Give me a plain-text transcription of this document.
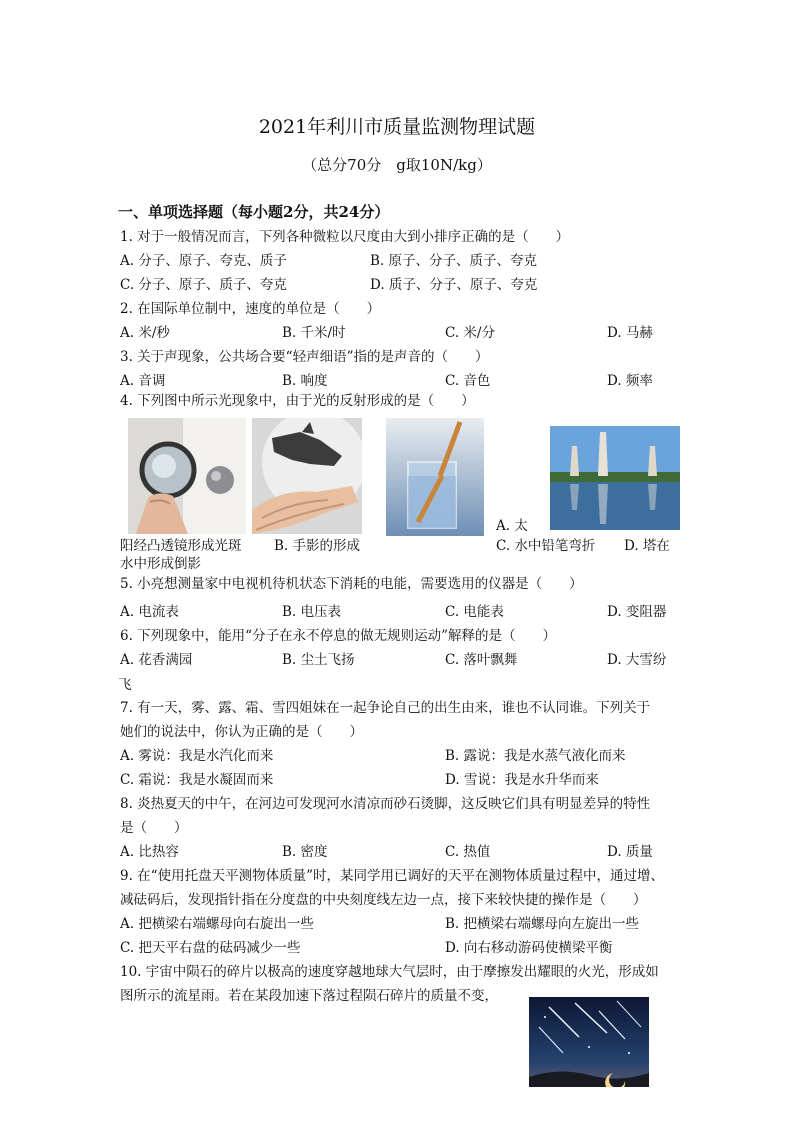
2021年利川市质量监测物理试题
（总分70分　g取10N/kg）
一、单项选择题（每小题2分，共24分）
1. 对于一般情况而言，下列各种微粒以尺度由大到小排序正确的是（　　）
A. 分子、原子、夸克、质子	B. 原子、分子、质子、夸克
C. 分子、原子、质子、夸克	D. 质子、分子、原子、夸克
2. 在国际单位制中，速度的单位是（　　）
A. 米/秒	B. 千米/时	C. 米/分	D. 马赫
3. 关于声现象，公共场合要“轻声细语”指的是声音的（　　）
A. 音调	B. 响度	C. 音色	D. 频率
4. 下列图中所示光现象中，由于光的反射形成的是（　　）
A. 太
阳经凸透镜形成光斑 B. 手影的形成	C. 水中铅笔弯折 D. 塔在
水中形成倒影
5. 小亮想测量家中电视机待机状态下消耗的电能，需要选用的仪器是（　　）
A. 电流表	B. 电压表	C. 电能表	D. 变阻器
6. 下列现象中，能用“分子在永不停息的做无规则运动”解释的是（　　）
A. 花香满园	B. 尘土飞扬	C. 落叶飘舞	D. 大雪纷
飞
7. 有一天，雾、露、霜、雪四姐妹在一起争论自己的出生由来，谁也不认同谁。下列关于
她们的说法中，你认为正确的是（　　）
A. 雾说：我是水汽化而来	B. 露说：我是水蒸气液化而来
C. 霜说：我是水凝固而来	D. 雪说：我是水升华而来
8. 炎热夏天的中午，在河边可发现河水清凉而砂石烫脚，这反映它们具有明显差异的特性
是（　　）
A. 比热容	B. 密度	C. 热值	D. 质量
9. 在“使用托盘天平测物体质量”时，某同学用已调好的天平在测物体质量过程中，通过增、
减砝码后，发现指针指在分度盘的中央刻度线左边一点，接下来较快捷的操作是（　　）
A. 把横梁右端螺母向右旋出一些	B. 把横梁右端螺母向左旋出一些
C. 把天平右盘的砝码减少一些	D. 向右移动游码使横梁平衡
10. 宇宙中陨石的碎片以极高的速度穿越地球大气层时，由于摩擦发出耀眼的火光，形成如
图所示的流星雨。若在某段加速下落过程陨石碎片的质量不变，
